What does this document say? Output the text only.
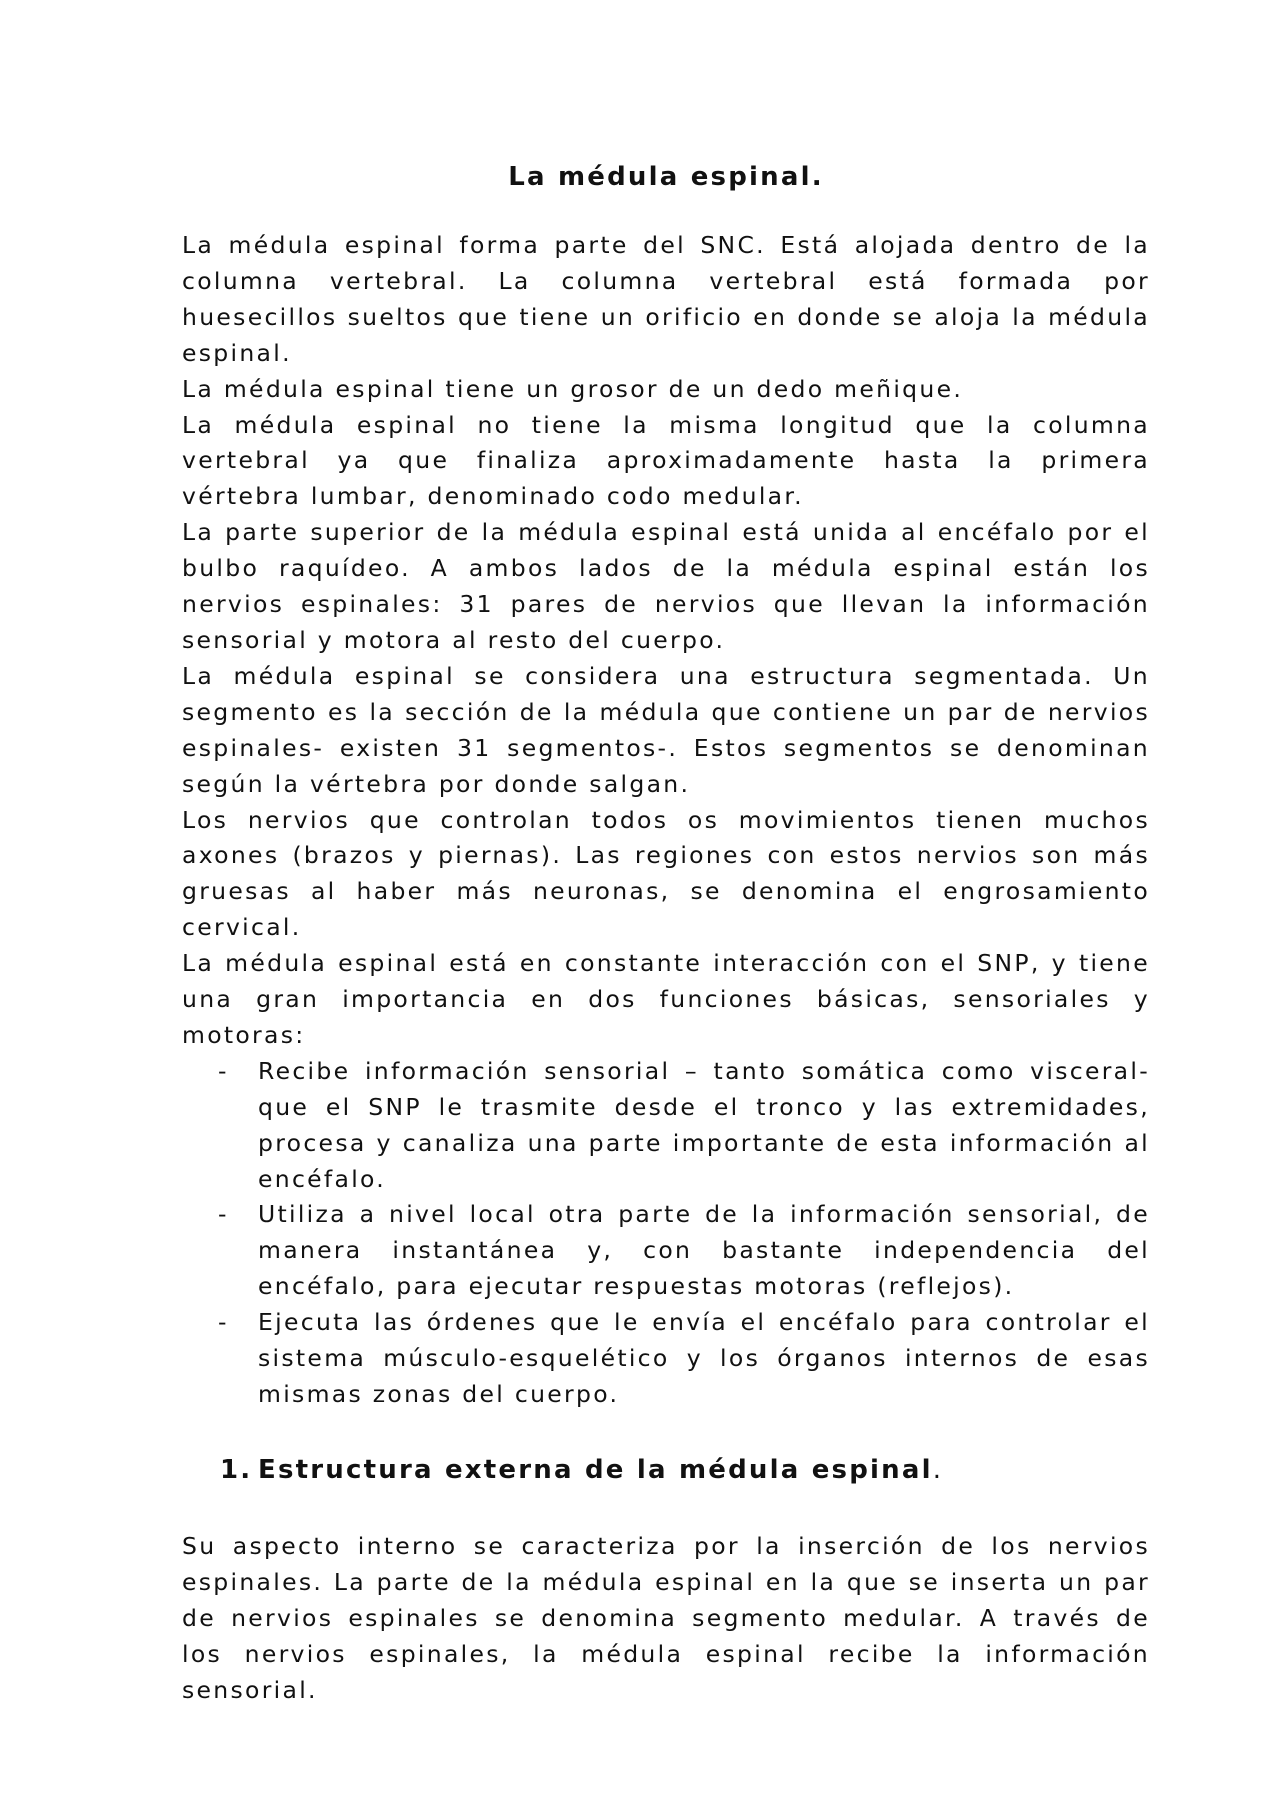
La médula espinal.

La médula espinal forma parte del SNC. Está alojada dentro de la columna vertebral. La columna vertebral está formada por huesecillos sueltos que tiene un orificio en donde se aloja la médula espinal.

La médula espinal tiene un grosor de un dedo meñique.

La médula espinal no tiene la misma longitud que la columna vertebral ya que finaliza aproximadamente hasta la primera vértebra lumbar, denominado codo medular.

La parte superior de la médula espinal está unida al encéfalo por el bulbo raquídeo. A ambos lados de la médula espinal están los nervios espinales: 31 pares de nervios que llevan la información sensorial y motora al resto del cuerpo.

La médula espinal se considera una estructura segmentada. Un segmento es la sección de la médula que contiene un par de nervios espinales- existen 31 segmentos-. Estos segmentos se denominan según la vértebra por donde salgan.

Los nervios que controlan todos os movimientos tienen muchos axones (brazos y piernas). Las regiones con estos nervios son más gruesas al haber más neuronas, se denomina el engrosamiento cervical.

La médula espinal está en constante interacción con el SNP, y tiene una gran importancia en dos funciones básicas, sensoriales y motoras:

- Recibe información sensorial – tanto somática como visceral- que el SNP le trasmite desde el tronco y las extremidades, procesa y canaliza una parte importante de esta información al encéfalo.
- Utiliza a nivel local otra parte de la información sensorial, de manera instantánea y, con bastante independencia del encéfalo, para ejecutar respuestas motoras (reflejos).
- Ejecuta las órdenes que le envía el encéfalo para controlar el sistema músculo-esquelético y los órganos internos de esas mismas zonas del cuerpo.
1. Estructura externa de la médula espinal.

Su aspecto interno se caracteriza por la inserción de los nervios espinales. La parte de la médula espinal en la que se inserta un par de nervios espinales se denomina segmento medular. A través de los nervios espinales, la médula espinal recibe la información sensorial.
